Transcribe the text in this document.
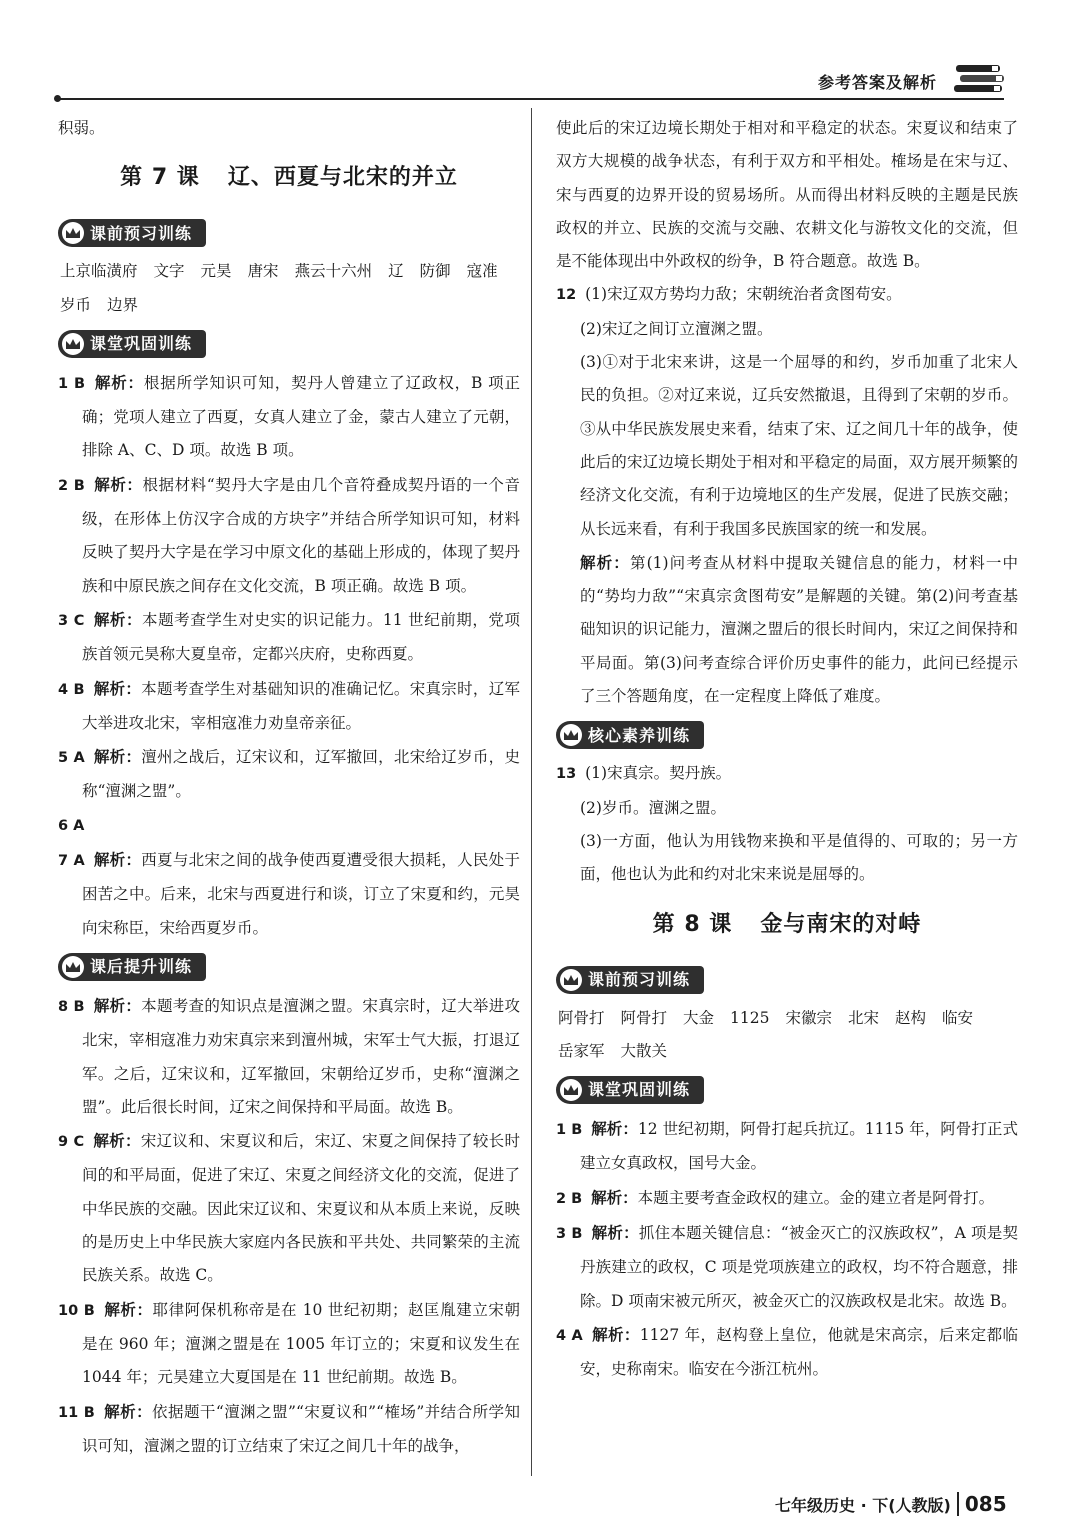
参考答案及解析
积弱。
第 7 课 辽、西夏与北宋的并立
课前预习训练
上京临潢府 文字 元昊 唐宋 燕云十六州 辽 防御 寇准
岁币 边界
课堂巩固训练
1 B 解析：根据所学知识可知，契丹人曾建立了辽政权，B 项正确；党项人建立了西夏，女真人建立了金，蒙古人建立了元朝，排除 A、C、D 项。故选 B 项。
2 B 解析：根据材料“契丹大字是由几个音符叠成契丹语的一个音级，在形体上仿汉字合成的方块字”并结合所学知识可知，材料反映了契丹大字是在学习中原文化的基础上形成的，体现了契丹族和中原民族之间存在文化交流，B 项正确。故选 B 项。
3 C 解析：本题考查学生对史实的识记能力。11 世纪前期，党项族首领元昊称大夏皇帝，定都兴庆府，史称西夏。
4 B 解析：本题考查学生对基础知识的准确记忆。宋真宗时，辽军大举进攻北宋，宰相寇准力劝皇帝亲征。
5 A 解析：澶州之战后，辽宋议和，辽军撤回，北宋给辽岁币，史称“澶渊之盟”。
6 A
7 A 解析：西夏与北宋之间的战争使西夏遭受很大损耗，人民处于困苦之中。后来，北宋与西夏进行和谈，订立了宋夏和约，元昊向宋称臣，宋给西夏岁币。
课后提升训练
8 B 解析：本题考查的知识点是澶渊之盟。宋真宗时，辽大举进攻北宋，宰相寇准力劝宋真宗来到澶州城，宋军士气大振，打退辽军。之后，辽宋议和，辽军撤回，宋朝给辽岁币，史称“澶渊之盟”。此后很长时间，辽宋之间保持和平局面。故选 B。
9 C 解析：宋辽议和、宋夏议和后，宋辽、宋夏之间保持了较长时间的和平局面，促进了宋辽、宋夏之间经济文化的交流，促进了中华民族的交融。因此宋辽议和、宋夏议和从本质上来说，反映的是历史上中华民族大家庭内各民族和平共处、共同繁荣的主流民族关系。故选 C。
10 B 解析：耶律阿保机称帝是在 10 世纪初期；赵匡胤建立宋朝是在 960 年；澶渊之盟是在 1005 年订立的；宋夏和议发生在 1044 年；元昊建立大夏国是在 11 世纪前期。故选 B。
11 B 解析：依据题干“澶渊之盟”“宋夏议和”“榷场”并结合所学知识可知，澶渊之盟的订立结束了宋辽之间几十年的战争，
使此后的宋辽边境长期处于相对和平稳定的状态。宋夏议和结束了双方大规模的战争状态，有利于双方和平相处。榷场是在宋与辽、宋与西夏的边界开设的贸易场所。从而得出材料反映的主题是民族政权的并立、民族的交流与交融、农耕文化与游牧文化的交流，但是不能体现出中外政权的纷争，B 符合题意。故选 B。
12 (1)宋辽双方势均力敌；宋朝统治者贪图苟安。
(2)宋辽之间订立澶渊之盟。
(3)①对于北宋来讲，这是一个屈辱的和约，岁币加重了北宋人民的负担。②对辽来说，辽兵安然撤退，且得到了宋朝的岁币。③从中华民族发展史来看，结束了宋、辽之间几十年的战争，使此后的宋辽边境长期处于相对和平稳定的局面，双方展开频繁的经济文化交流，有利于边境地区的生产发展，促进了民族交融；从长远来看，有利于我国多民族国家的统一和发展。
解析：第(1)问考查从材料中提取关键信息的能力，材料一中的“势均力敌”“宋真宗贪图苟安”是解题的关键。第(2)问考查基础知识的识记能力，澶渊之盟后的很长时间内，宋辽之间保持和平局面。第(3)问考查综合评价历史事件的能力，此问已经提示了三个答题角度，在一定程度上降低了难度。
核心素养训练
13 (1)宋真宗。契丹族。
(2)岁币。澶渊之盟。
(3)一方面，他认为用钱物来换和平是值得的、可取的；另一方面，他也认为此和约对北宋来说是屈辱的。
第 8 课 金与南宋的对峙
课前预习训练
阿骨打 阿骨打 大金 1125 宋徽宗 北宋 赵构 临安
岳家军 大散关
课堂巩固训练
1 B 解析：12 世纪初期，阿骨打起兵抗辽。1115 年，阿骨打正式建立女真政权，国号大金。
2 B 解析：本题主要考查金政权的建立。金的建立者是阿骨打。
3 B 解析：抓住本题关键信息：“被金灭亡的汉族政权”，A 项是契丹族建立的政权，C 项是党项族建立的政权，均不符合题意，排除。D 项南宋被元所灭，被金灭亡的汉族政权是北宋。故选 B。
4 A 解析：1127 年，赵构登上皇位，他就是宋高宗，后来定都临安，史称南宋。临安在今浙江杭州。
七年级历史 · 下(人教版) 085
